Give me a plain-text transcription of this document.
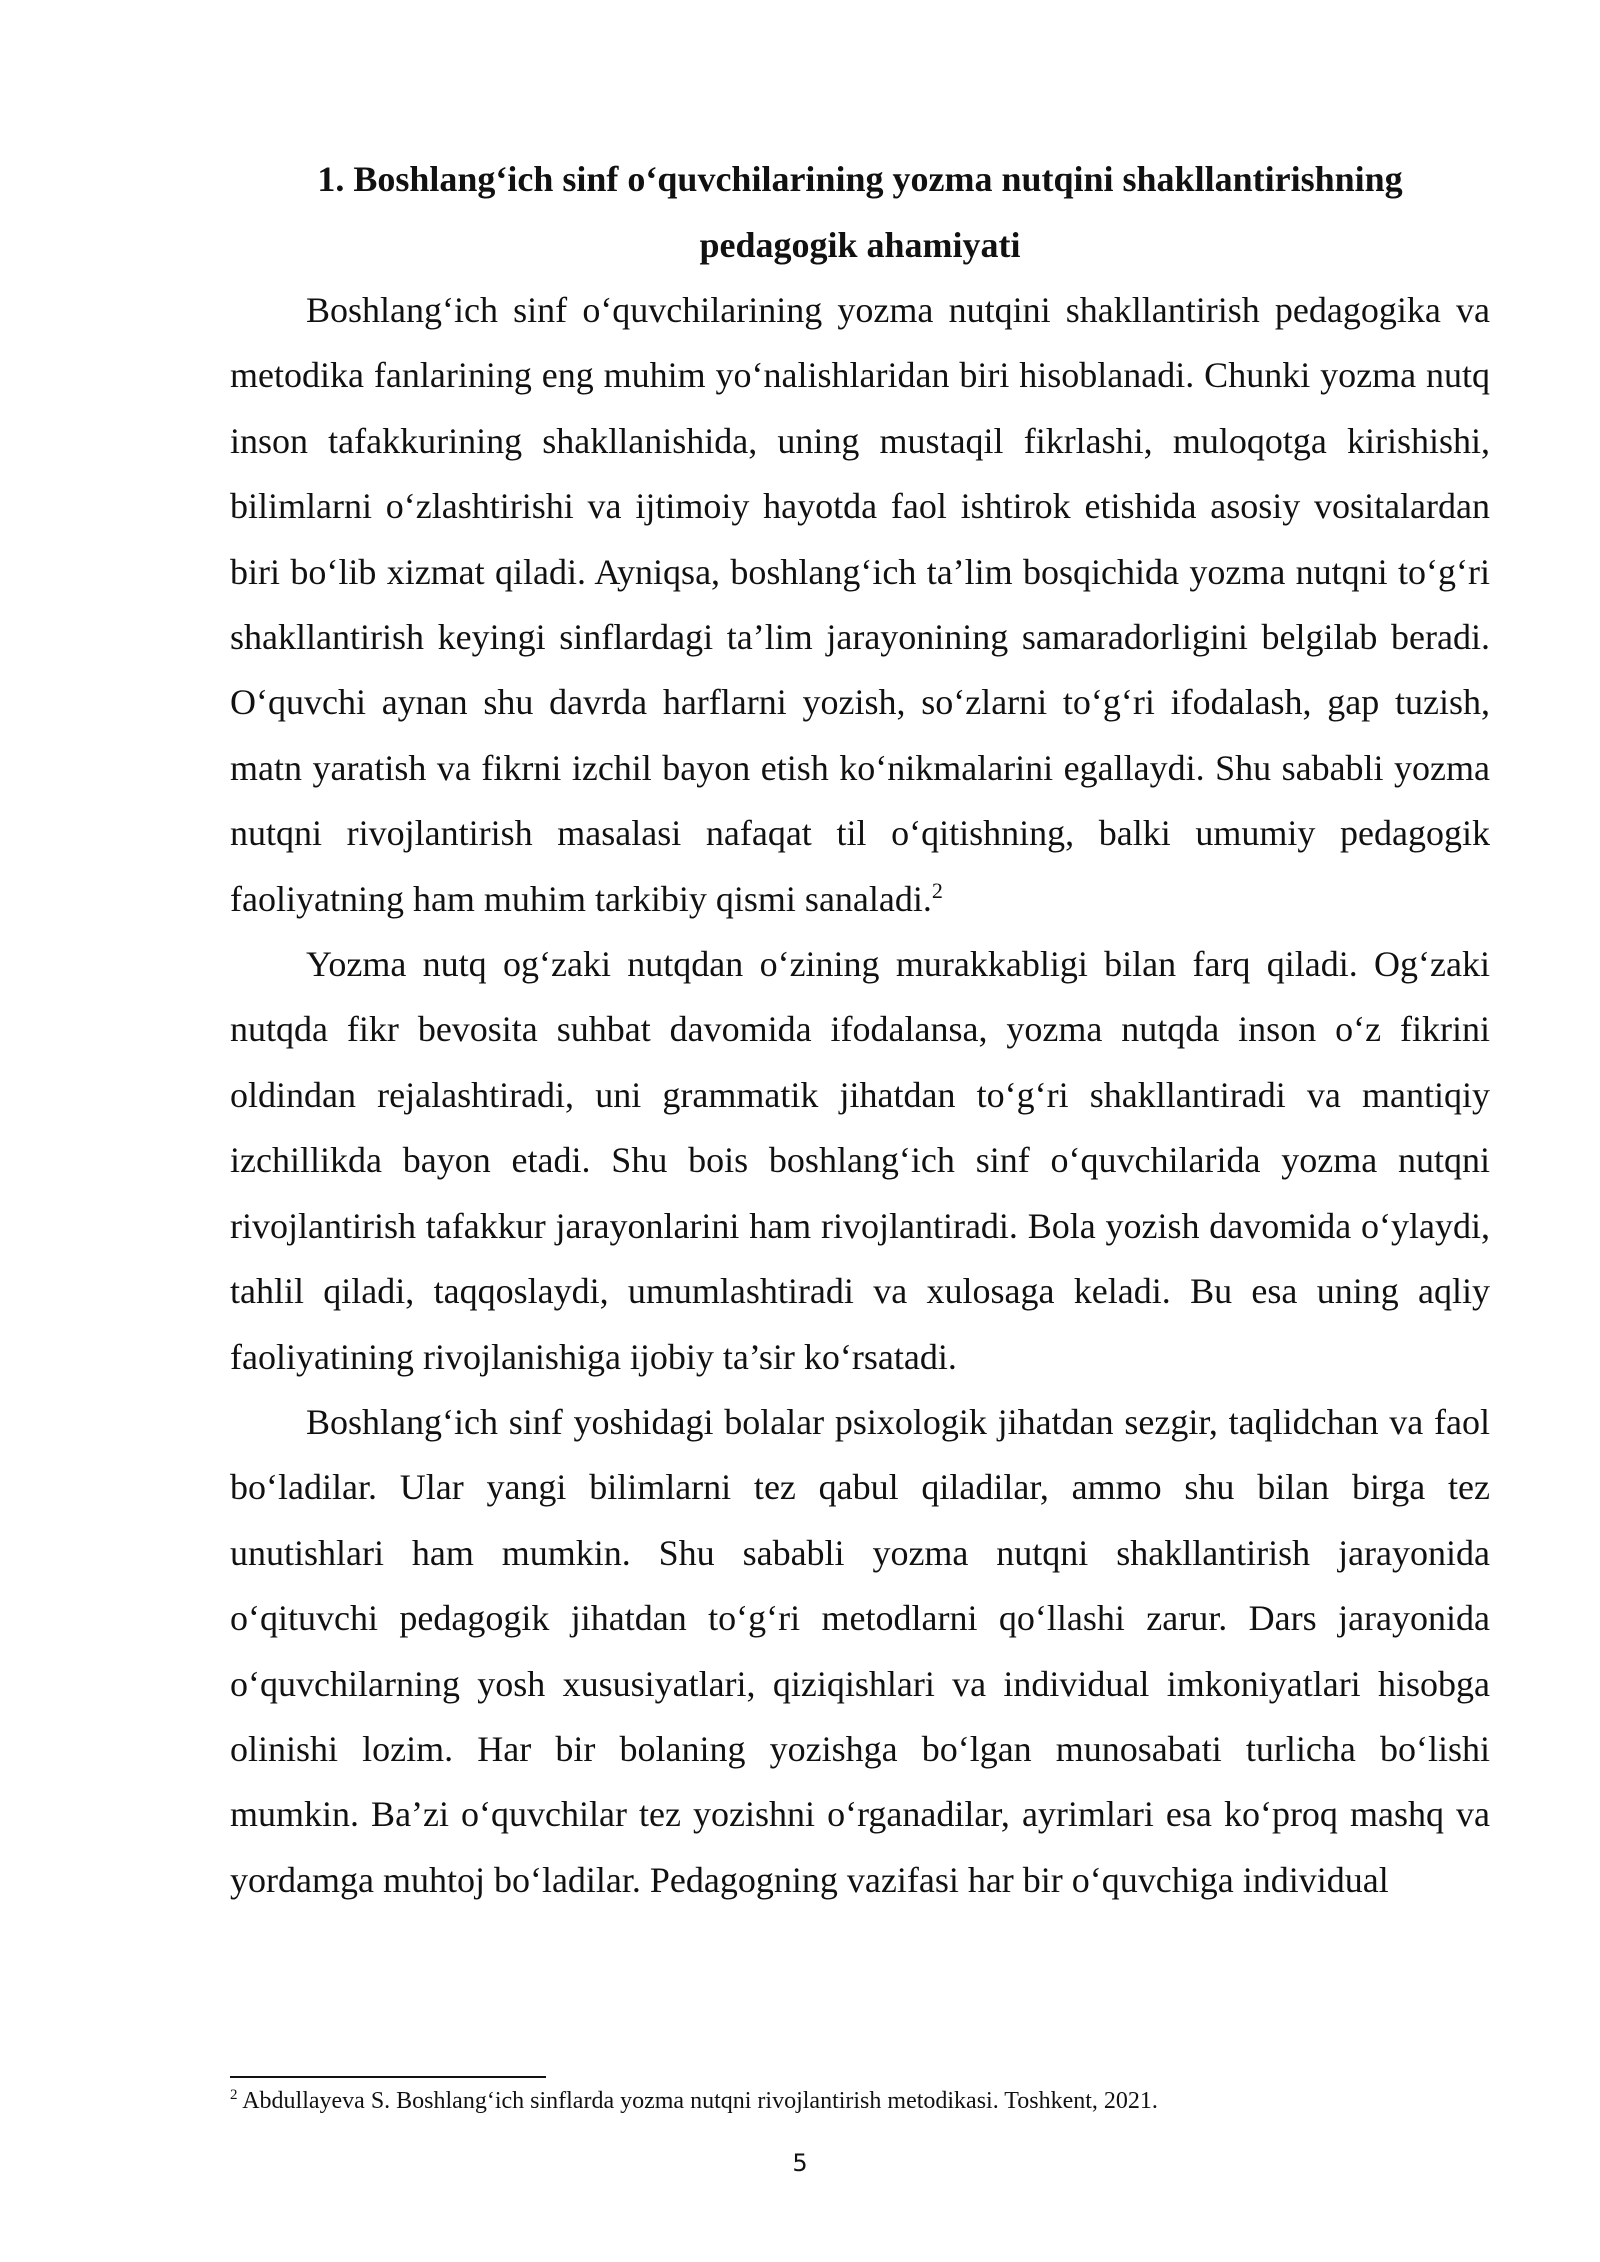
1. Boshlang‘ich sinf o‘quvchilarining yozma nutqini shakllantirishning
pedagogik ahamiyati

Boshlang‘ich sinf o‘quvchilarining yozma nutqini shakllantirish pedagogika va metodika fanlarining eng muhim yo‘nalishlaridan biri hisoblanadi. Chunki yozma nutq inson tafakkurining shakllanishida, uning mustaqil fikrlashi, muloqotga kirishishi, bilimlarni o‘zlashtirishi va ijtimoiy hayotda faol ishtirok etishida asosiy vositalardan biri bo‘lib xizmat qiladi. Ayniqsa, boshlang‘ich ta’lim bosqichida yozma nutqni to‘g‘ri shakllantirish keyingi sinflardagi ta’lim jarayonining samaradorligini belgilab beradi. O‘quvchi aynan shu davrda harflarni yozish, so‘zlarni to‘g‘ri ifodalash, gap tuzish, matn yaratish va fikrni izchil bayon etish ko‘nikmalarini egallaydi. Shu sababli yozma nutqni rivojlantirish masalasi nafaqat til o‘qitishning, balki umumiy pedagogik faoliyatning ham muhim tarkibiy qismi sanaladi.$^2$

Yozma nutq og‘zaki nutqdan o‘zining murakkabligi bilan farq qiladi. Og‘zaki nutqda fikr bevosita suhbat davomida ifodalansa, yozma nutqda inson o‘z fikrini oldindan rejalashtiradi, uni grammatik jihatdan to‘g‘ri shakllantiradi va mantiqiy izchillikda bayon etadi. Shu bois boshlang‘ich sinf o‘quvchilarida yozma nutqni rivojlantirish tafakkur jarayonlarini ham rivojlantiradi. Bola yozish davomida o‘ylaydi, tahlil qiladi, taqqoslaydi, umumlashtiradi va xulosaga keladi. Bu esa uning aqliy faoliyatining rivojlanishiga ijobiy ta’sir ko‘rsatadi.

Boshlang‘ich sinf yoshidagi bolalar psixologik jihatdan sezgir, taqlidchan va faol bo‘ladilar. Ular yangi bilimlarni tez qabul qiladilar, ammo shu bilan birga tez unutishlari ham mumkin. Shu sababli yozma nutqni shakllantirish jarayonida o‘qituvchi pedagogik jihatdan to‘g‘ri metodlarni qo‘llashi zarur. Dars jarayonida o‘quvchilarning yosh xususiyatlari, qiziqishlari va individual imkoniyatlari hisobga olinishi lozim. Har bir bolaning yozishga bo‘lgan munosabati turlicha bo‘lishi mumkin. Ba’zi o‘quvchilar tez yozishni o‘rganadilar, ayrimlari esa ko‘proq mashq va yordamga muhtoj bo‘ladilar. Pedagogning vazifasi har bir o‘quvchiga individual

$^2$ Abdullayeva S. Boshlang‘ich sinflarda yozma nutqni rivojlantirish metodikasi. Toshkent, 2021.

5
